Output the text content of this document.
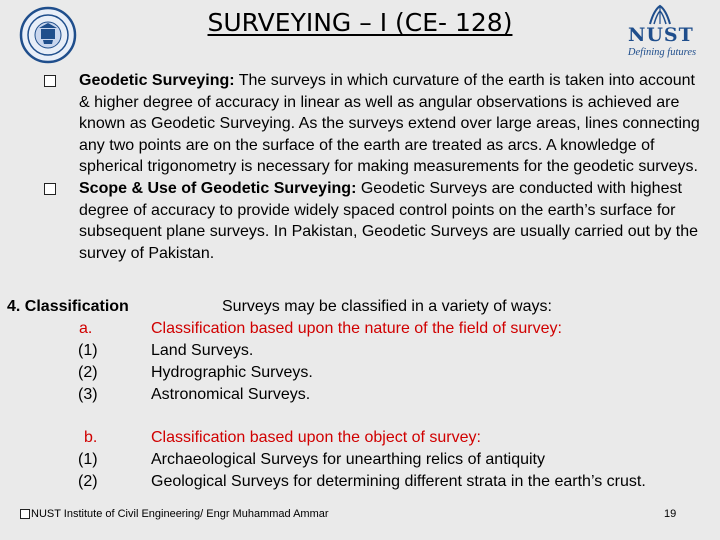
SURVEYING – I (CE- 128)	NUST
Defining futures
Geodetic Surveying: The surveys in which curvature of the earth is taken into account & higher degree of accuracy in linear as well as angular observations is achieved are known as Geodetic Surveying. As the surveys extend over large areas, lines connecting any two points are on the surface of the earth are treated as arcs. A knowledge of spherical trigonometry is necessary for making measurements for the geodetic surveys.
Scope & Use of Geodetic Surveying: Geodetic Surveys are conducted with highest degree of accuracy to provide widely spaced control points on the earth’s surface for subsequent plane surveys. In Pakistan, Geodetic Surveys are usually carried out by the survey of Pakistan.
4. Classification	Surveys may be classified in a variety of ways:
a.	Classification based upon the nature of the field of survey:
(1)	Land Surveys.
(2)	Hydrographic Surveys.
(3)	Astronomical Surveys.
b.	Classification based upon the object of survey:
(1)	Archaeological Surveys for unearthing relics of antiquity
(2)	Geological Surveys for determining different strata in the earth’s crust.
NUST Institute of Civil Engineering/ Engr Muhammad Ammar	19
